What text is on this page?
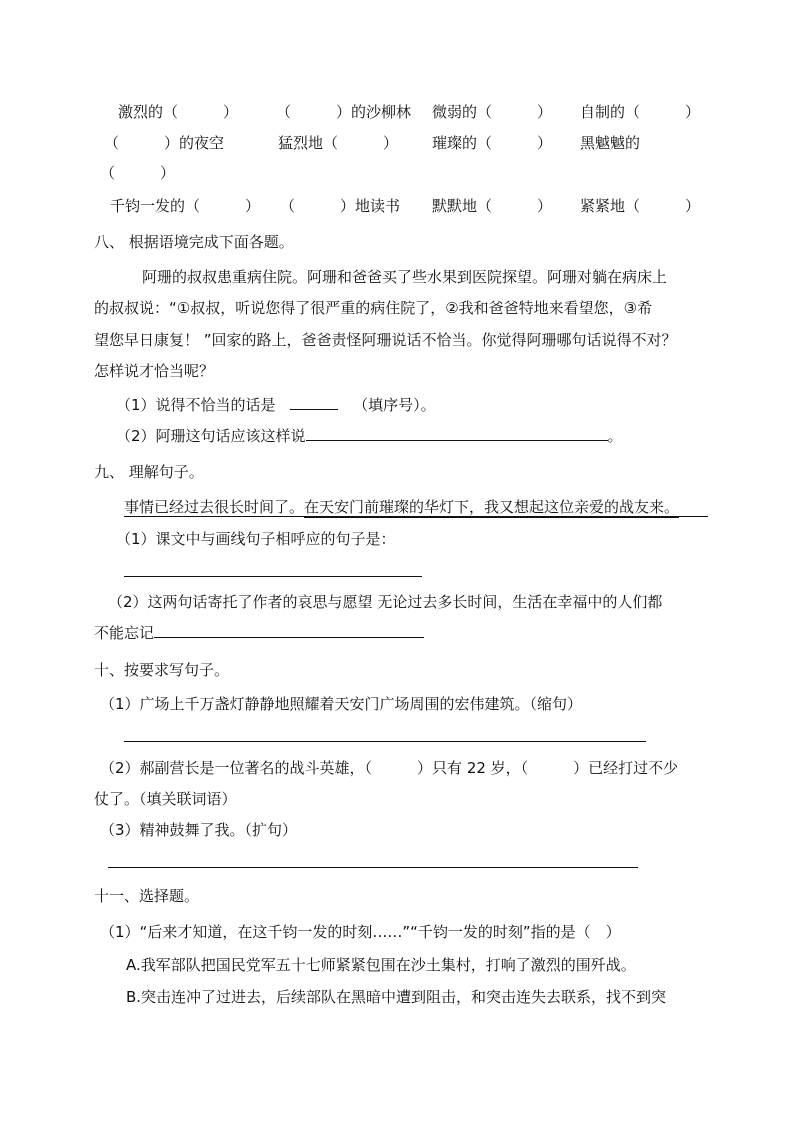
激烈的（　　　）	（　　　）的沙柳林 微弱的（　　　） 自制的（　　　）
（　　　）的夜空	猛烈地（　　　） 璀璨的（　　　） 黑魆魆的
（　　　）
千钧一发的（　　　） （　　　）地读书 默默地（　　　） 紧紧地（　　　）
八、 根据语境完成下面各题。
阿珊的叔叔患重病住院。阿珊和爸爸买了些水果到医院探望。阿珊对躺在病床上
的叔叔说：“①叔叔，听说您得了很严重的病住院了，②我和爸爸特地来看望您，③希
望您早日康复！ ”回家的路上，爸爸责怪阿珊说话不恰当。你觉得阿珊哪句话说得不对？
怎样说才恰当呢？
（1）说得不恰当的话是	（填序号）。
（2）阿珊这句话应该这样说	。
九、 理解句子。
事情已经过去很长时间了。在天安门前璀璨的华灯下，我又想起这位亲爱的战友来。
（1）课文中与画线句子相呼应的句子是：
（2）这两句话寄托了作者的哀思与愿望 无论过去多长时间，生活在幸福中的人们都
不能忘记
十、按要求写句子。
（1）广场上千万盏灯静静地照耀着天安门广场周围的宏伟建筑。（缩句）
（2）郝副营长是一位著名的战斗英雄，（　　　）只有 22 岁，（　　　）已经打过不少
仗了。（填关联词语）
（3）精神鼓舞了我。（扩句）
十一、选择题。
（1）“后来才知道，在这千钧一发的时刻……”“千钧一发的时刻”指的是（　）
A.我军部队把国民党军五十七师紧紧包围在沙土集村，打响了激烈的围歼战。
B.突击连冲了过进去，后续部队在黑暗中遭到阻击，和突击连失去联系，找不到突
